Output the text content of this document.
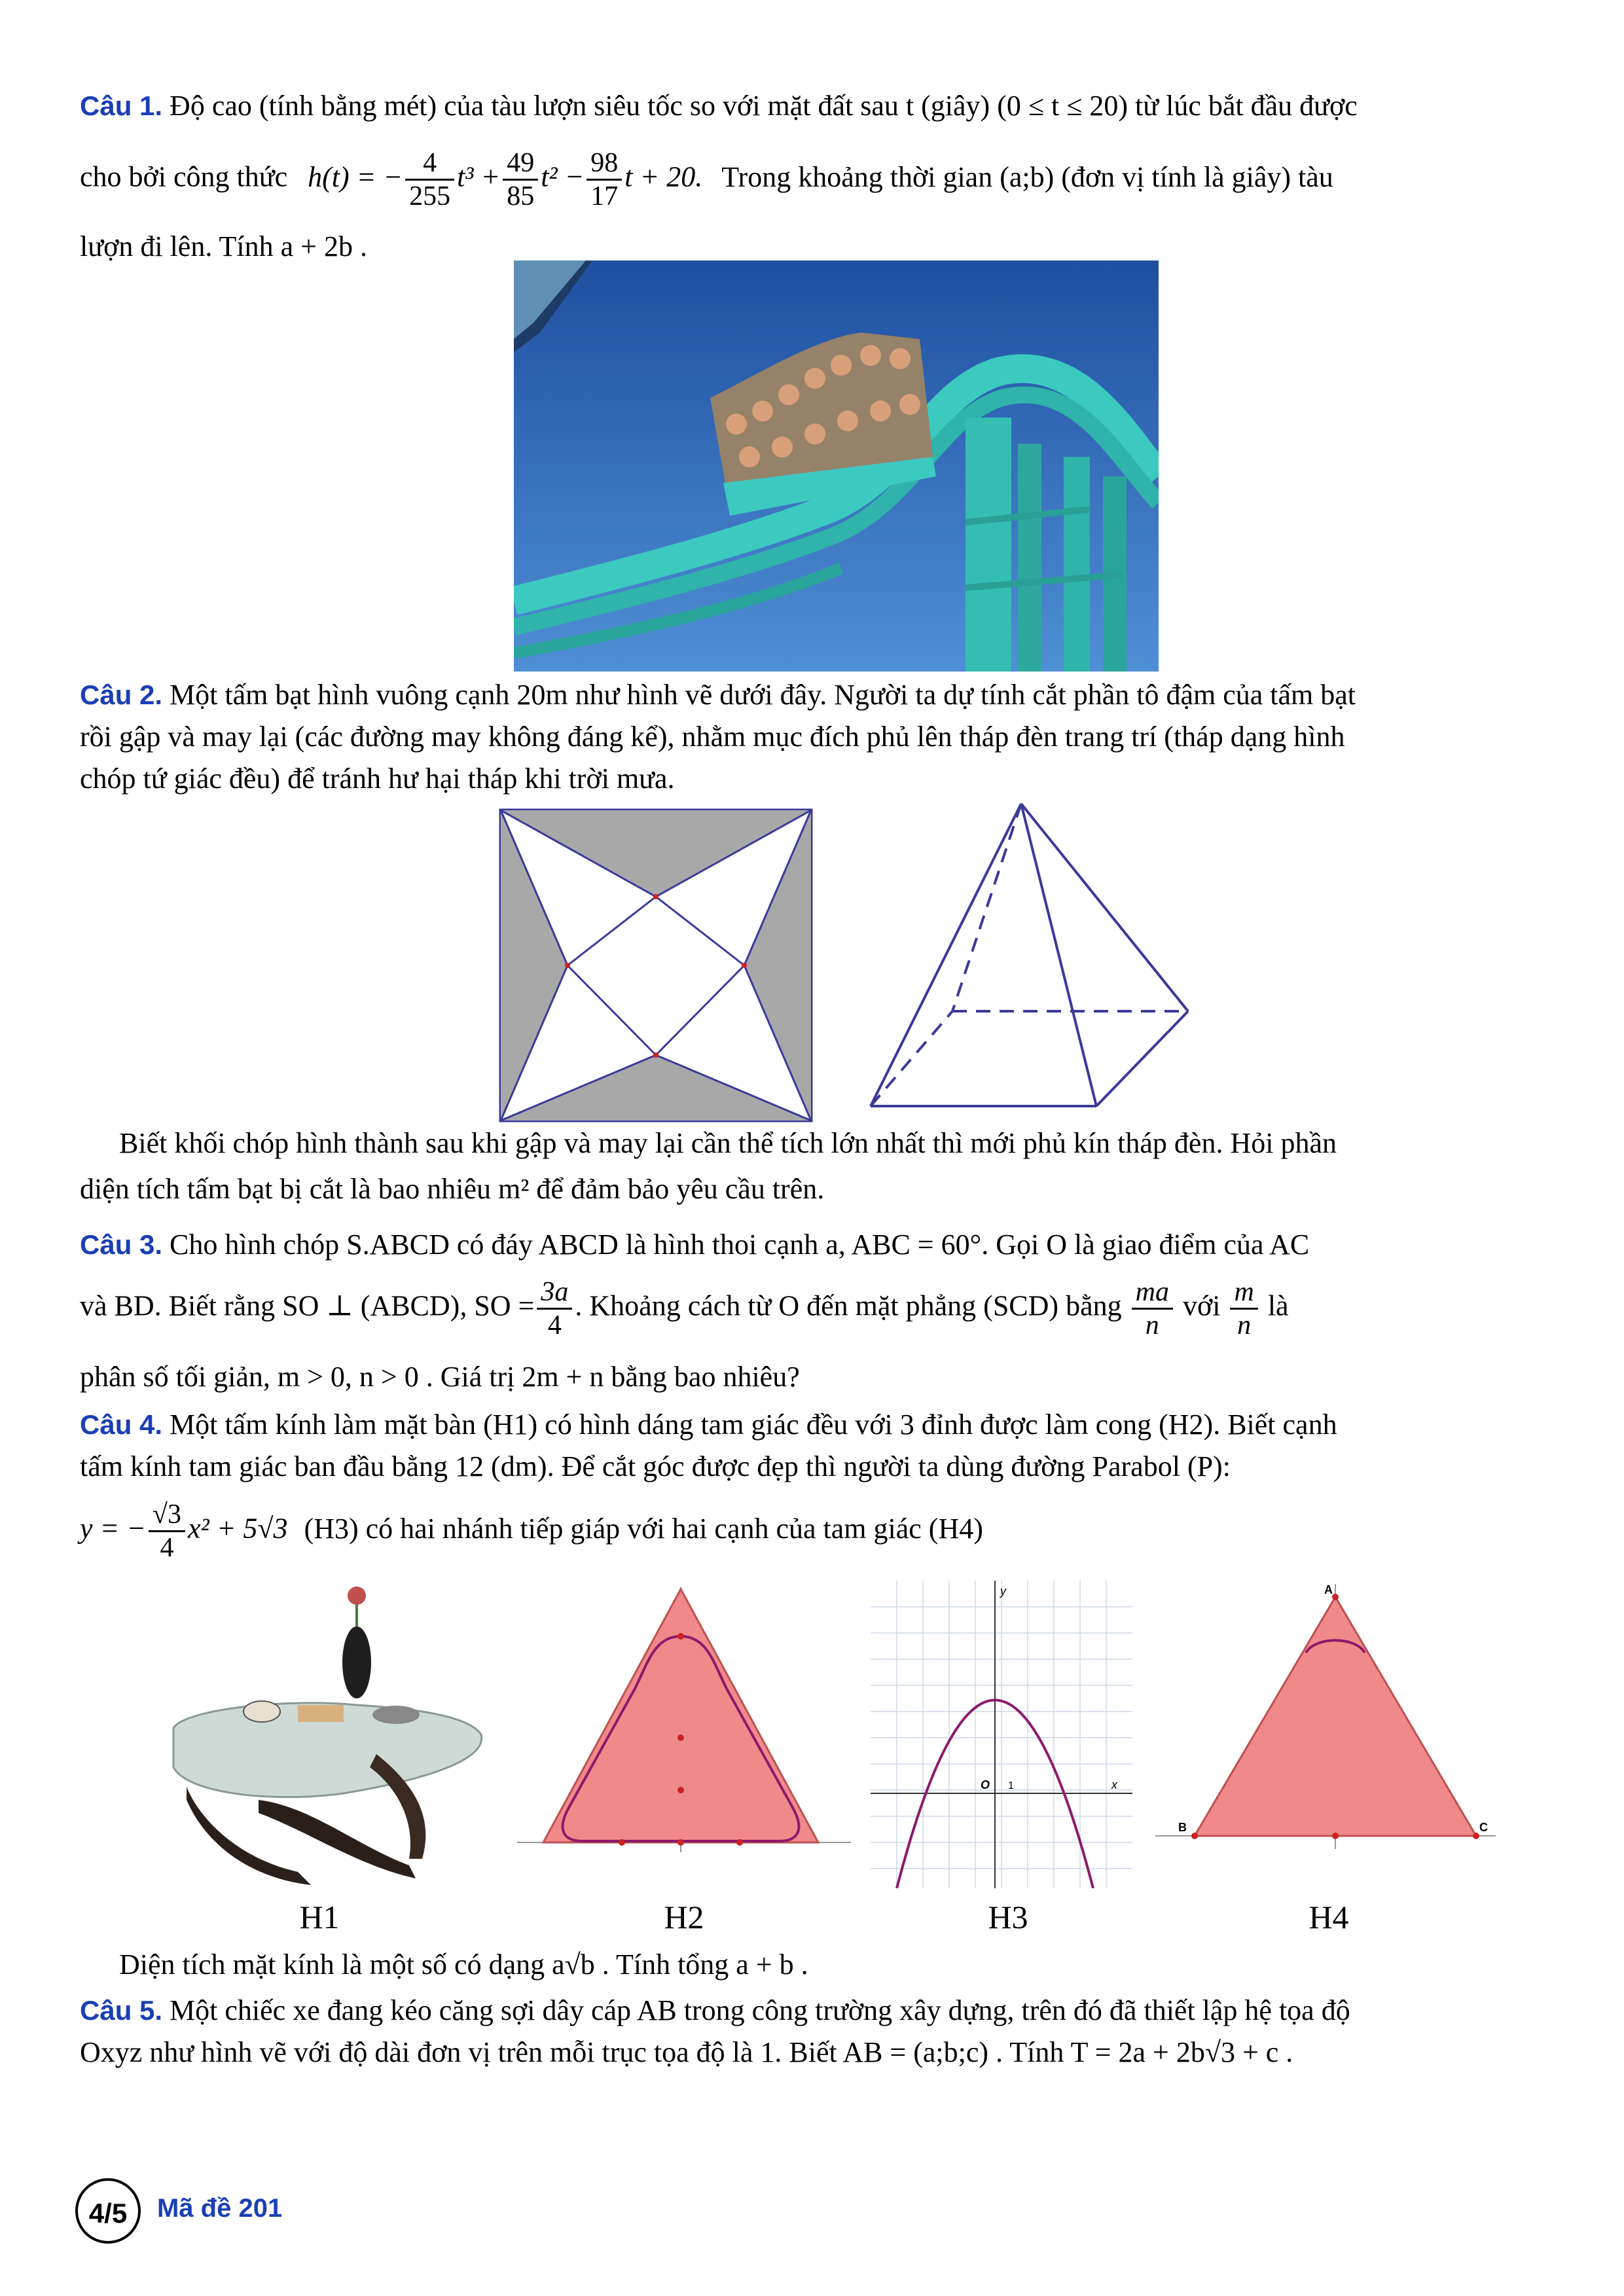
Câu 1. Độ cao (tính bằng mét) của tàu lượn siêu tốc so với mặt đất sau t (giây) (0 ≤ t ≤ 20) từ lúc bắt đầu được
cho bởi công thức h(t) = − $\frac{4}{255} t^3 + \frac{49}{85} t^2 - \frac{98}{17}$ t + 20. Trong khoảng thời gian (a;b) (đơn vị tính là giây) tàu
lượn đi lên. Tính a + 2b .
Câu 2. Một tấm bạt hình vuông cạnh 20m như hình vẽ dưới đây. Người ta dự tính cắt phần tô đậm của tấm bạt
rồi gập và may lại (các đường may không đáng kể), nhằm mục đích phủ lên tháp đèn trang trí (tháp dạng hình
chóp tứ giác đều) để tránh hư hại tháp khi trời mưa.
Biết khối chóp hình thành sau khi gập và may lại cần thể tích lớn nhất thì mới phủ kín tháp đèn. Hỏi phần
diện tích tấm bạt bị cắt là bao nhiêu m² để đảm bảo yêu cầu trên.
Câu 3. Cho hình chóp S.ABCD có đáy ABCD là hình thoi cạnh a, ABC = 60°. Gọi O là giao điểm của AC
và BD. Biết rằng SO ⊥ (ABCD), SO = $\frac{3a}{4}$ . Khoảng cách từ O đến mặt phẳng (SCD) bằng $\frac{ma}{n}$ với $\frac{m}{n}$ là
phân số tối giản, m > 0, n > 0 . Giá trị 2m + n bằng bao nhiêu?
Câu 4. Một tấm kính làm mặt bàn (H1) có hình dáng tam giác đều với 3 đỉnh được làm cong (H2). Biết cạnh
tấm kính tam giác ban đầu bằng 12 (dm). Để cắt góc được đẹp thì người ta dùng đường Parabol (P):
y = − $\frac{√3}{4} x^2 + 5√3$ (H3) có hai nhánh tiếp giáp với hai cạnh của tam giác (H4)
y
x
O 1
A
B	C
H1	H2	H3	H4
Diện tích mặt kính là một số có dạng a√b . Tính tổng a + b .
Câu 5. Một chiếc xe đang kéo căng sợi dây cáp AB trong công trường xây dựng, trên đó đã thiết lập hệ tọa độ
Oxyz như hình vẽ với độ dài đơn vị trên mỗi trục tọa độ là 1. Biết AB = (a;b;c) . Tính T = 2a + 2b√3 + c .
4/5	Mã đề 201
